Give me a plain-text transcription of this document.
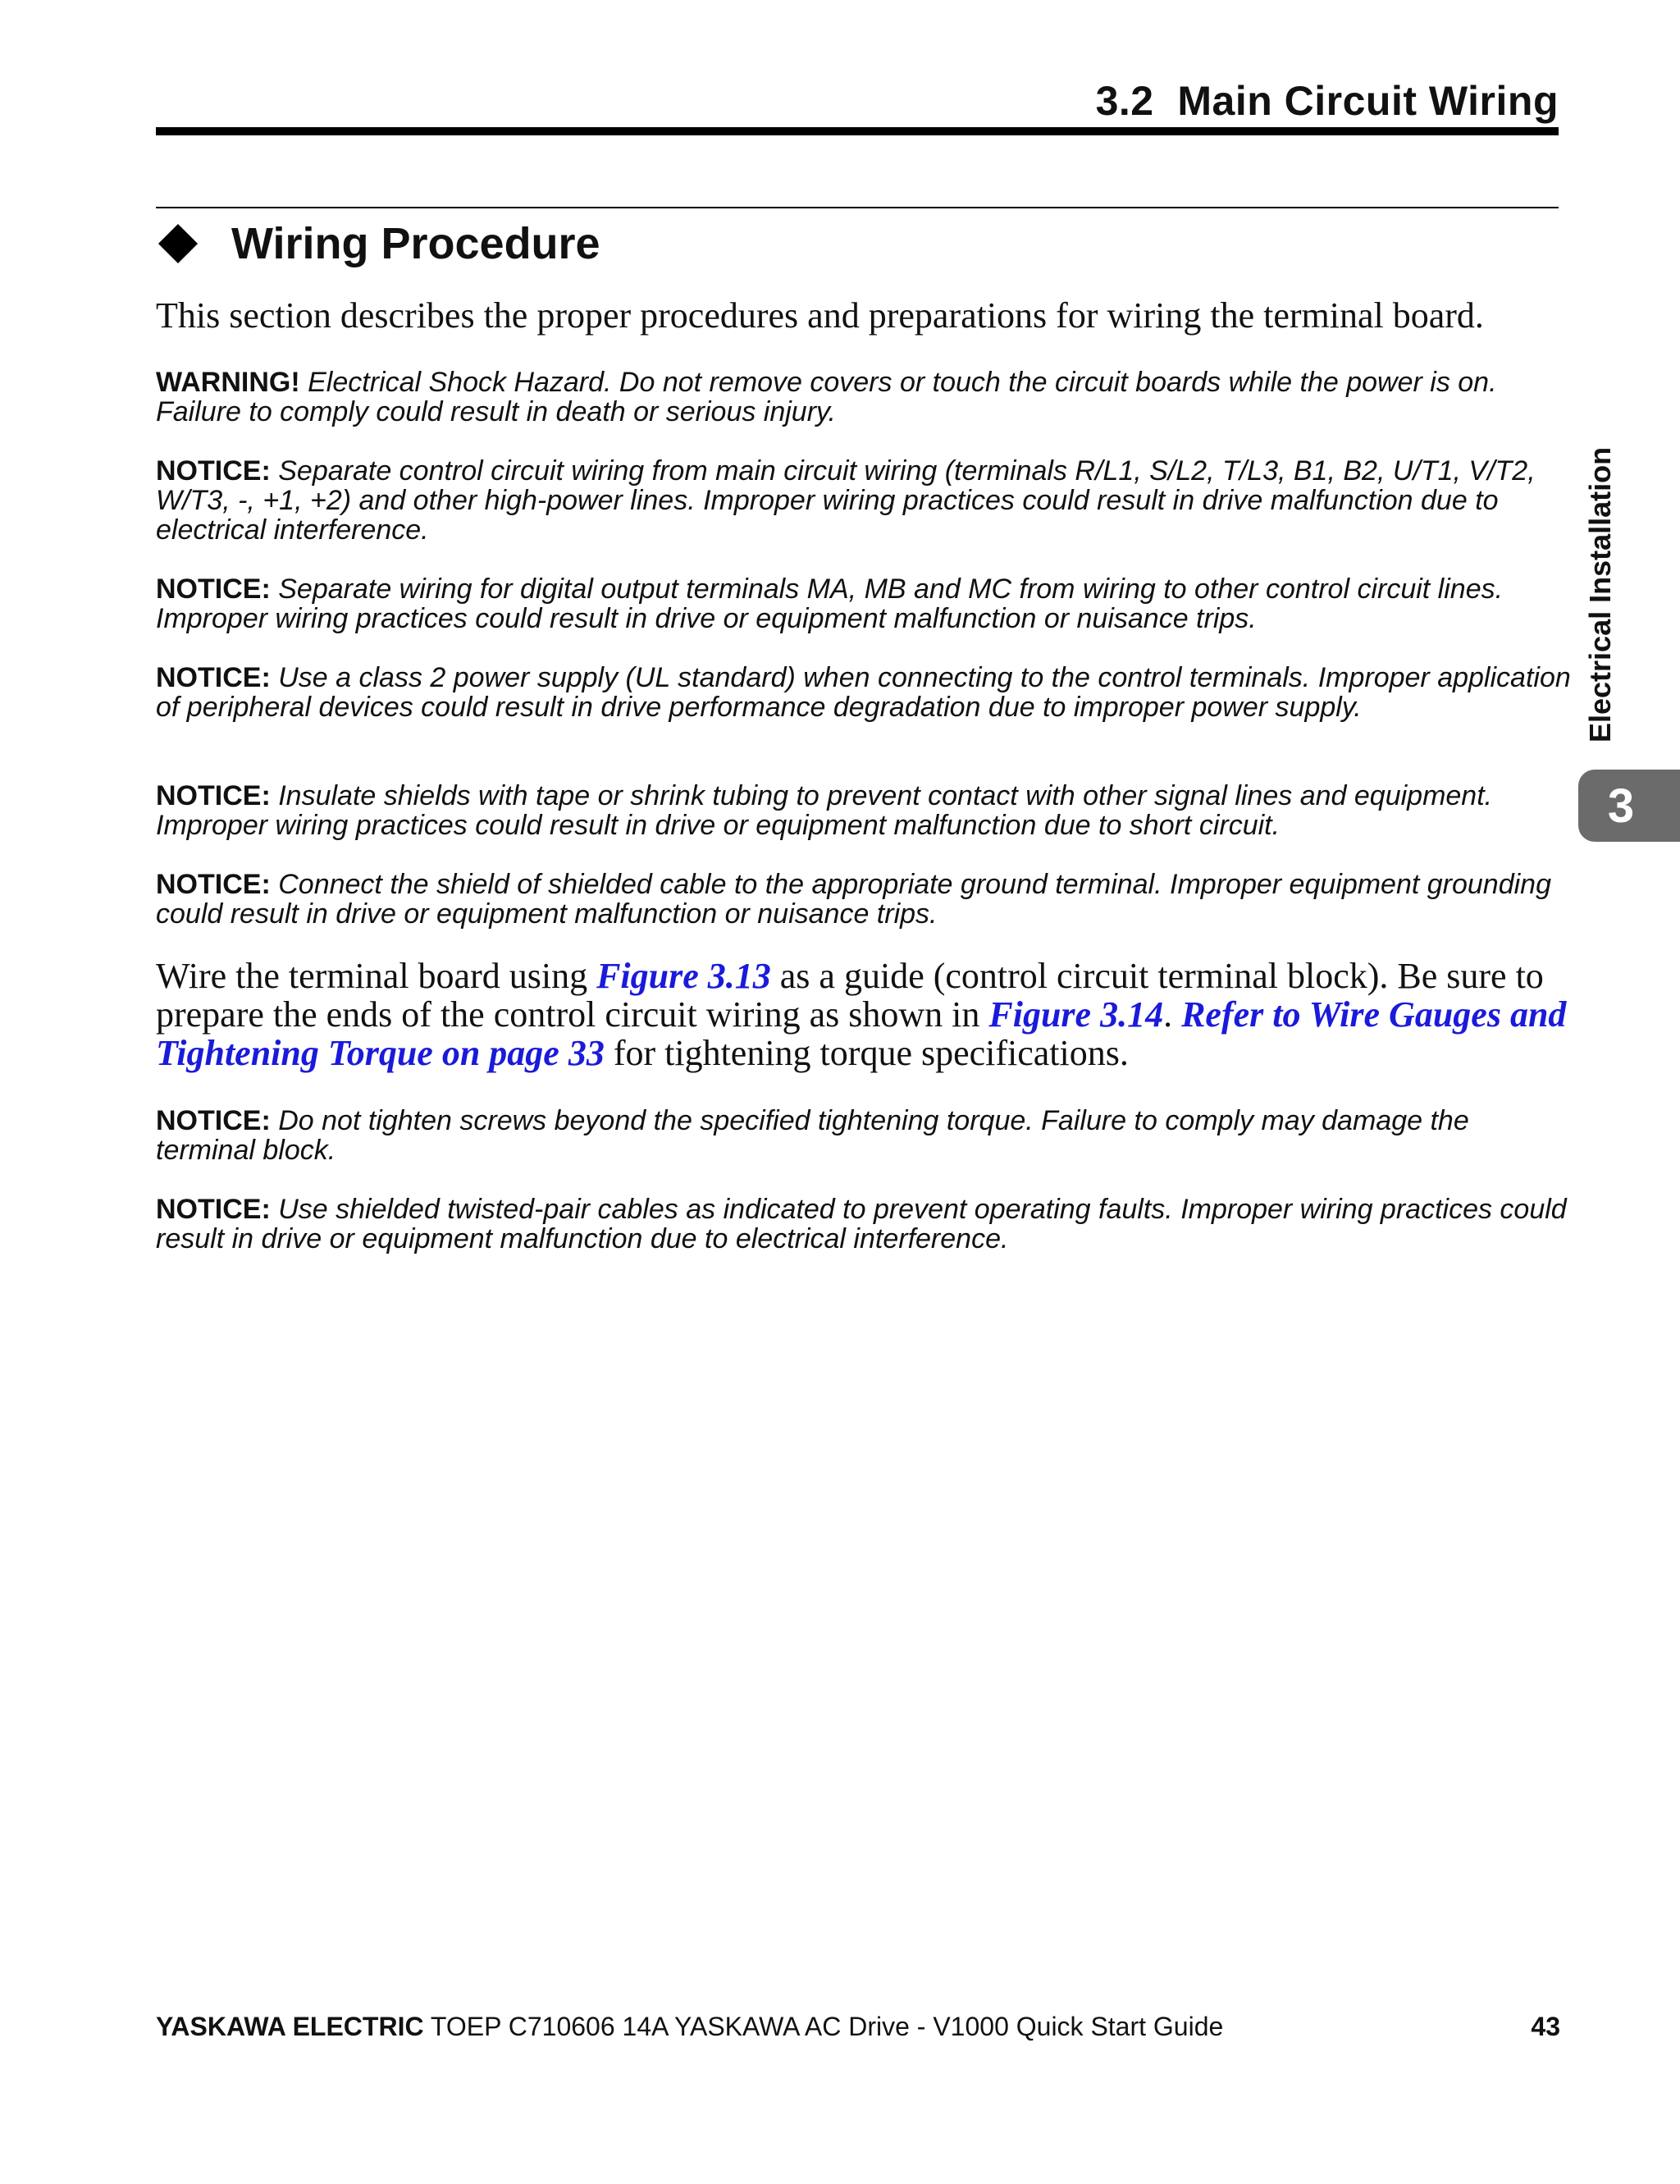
3.2  Main Circuit Wiring
Electrical Installation
3
Wiring Procedure
This section describes the proper procedures and preparations for wiring the terminal board.
WARNING! Electrical Shock Hazard. Do not remove covers or touch the circuit boards while the power is on. Failure to comply could result in death or serious injury.
NOTICE: Separate control circuit wiring from main circuit wiring (terminals R/L1, S/L2, T/L3, B1, B2, U/T1, V/T2, W/T3, -, +1, +2) and other high-power lines. Improper wiring practices could result in drive malfunction due to electrical interference.
NOTICE: Separate wiring for digital output terminals MA, MB and MC from wiring to other control circuit lines. Improper wiring practices could result in drive or equipment malfunction or nuisance trips.
NOTICE: Use a class 2 power supply (UL standard) when connecting to the control terminals. Improper application of peripheral devices could result in drive performance degradation due to improper power supply.
NOTICE: Insulate shields with tape or shrink tubing to prevent contact with other signal lines and equipment. Improper wiring practices could result in drive or equipment malfunction due to short circuit.
NOTICE: Connect the shield of shielded cable to the appropriate ground terminal. Improper equipment grounding could result in drive or equipment malfunction or nuisance trips.
Wire the terminal board using Figure 3.13 as a guide (control circuit terminal block). Be sure to prepare the ends of the control circuit wiring as shown in Figure 3.14. Refer to Wire Gauges and Tightening Torque on page 33 for tightening torque specifications.
NOTICE: Do not tighten screws beyond the specified tightening torque. Failure to comply may damage the terminal block.
NOTICE: Use shielded twisted-pair cables as indicated to prevent operating faults. Improper wiring practices could result in drive or equipment malfunction due to electrical interference.
YASKAWA ELECTRIC TOEP C710606 14A YASKAWA AC Drive - V1000 Quick Start Guide	43
